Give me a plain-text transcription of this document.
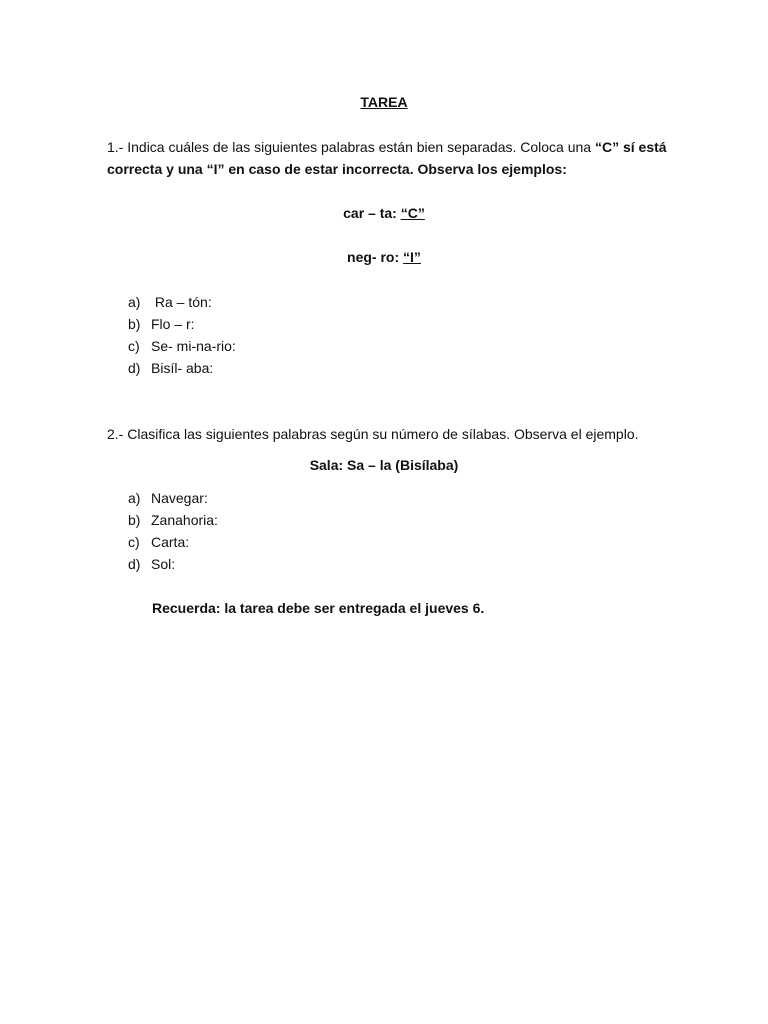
TAREA
1.- Indica cuáles de las siguientes palabras están bien separadas. Coloca una “C” sí está correcta y una “I” en caso de estar incorrecta. Observa los ejemplos:
car – ta: “C”
neg- ro: “I”
a) Ra – tón:
b) Flo – r:
c) Se- mi-na-rio:
d) Bisíl- aba:
2.- Clasifica las siguientes palabras según su número de sílabas. Observa el ejemplo.
Sala: Sa – la (Bisílaba)
a) Navegar:
b) Zanahoria:
c) Carta:
d) Sol:
Recuerda: la tarea debe ser entregada el jueves 6.
